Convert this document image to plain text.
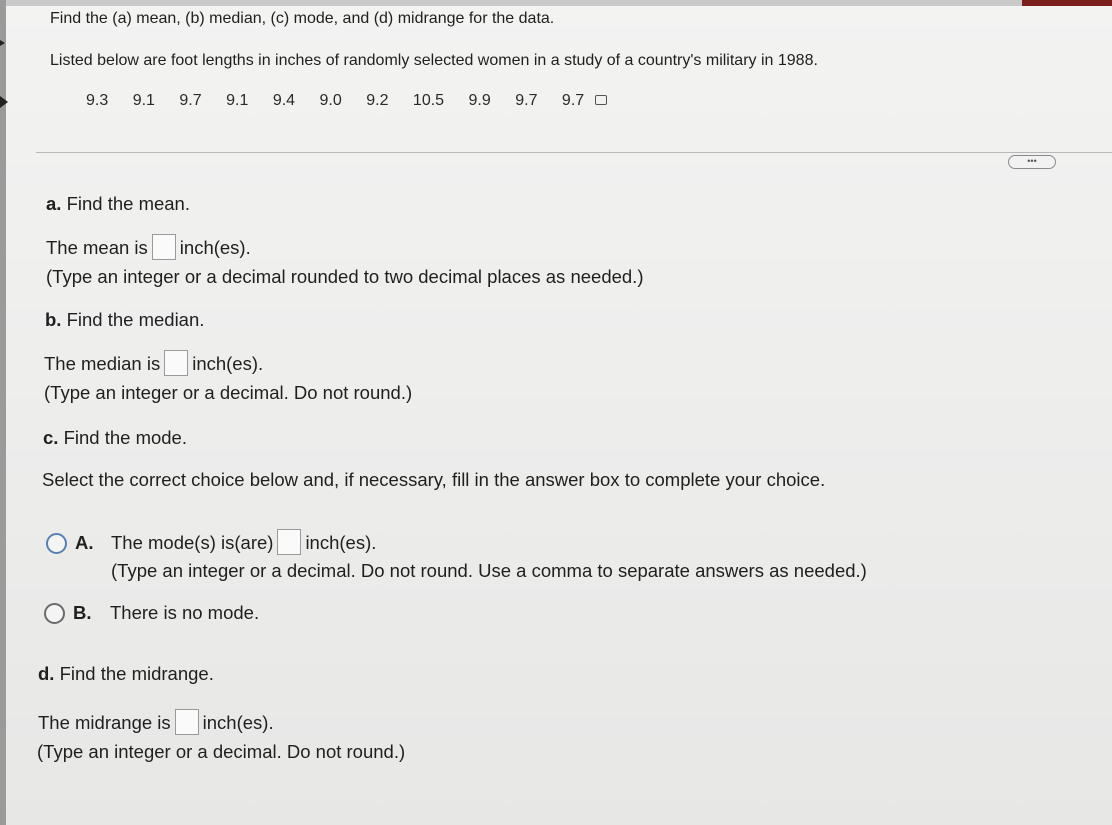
Find the (a) mean, (b) median, (c) mode, and (d) midrange for the data.
Listed below are foot lengths in inches of randomly selected women in a study of a country's military in 1988.
9.3 9.1 9.7 9.1 9.4 9.0 9.2 10.5 9.9 9.7 9.7
•••
a. Find the mean.
The mean is inch(es).
(Type an integer or a decimal rounded to two decimal places as needed.)
b. Find the median.
The median is inch(es).
(Type an integer or a decimal. Do not round.)
c. Find the mode.
Select the correct choice below and, if necessary, fill in the answer box to complete your choice.
A. The mode(s) is(are) inch(es).
(Type an integer or a decimal. Do not round. Use a comma to separate answers as needed.)
B. There is no mode.
d. Find the midrange.
The midrange is inch(es).
(Type an integer or a decimal. Do not round.)
